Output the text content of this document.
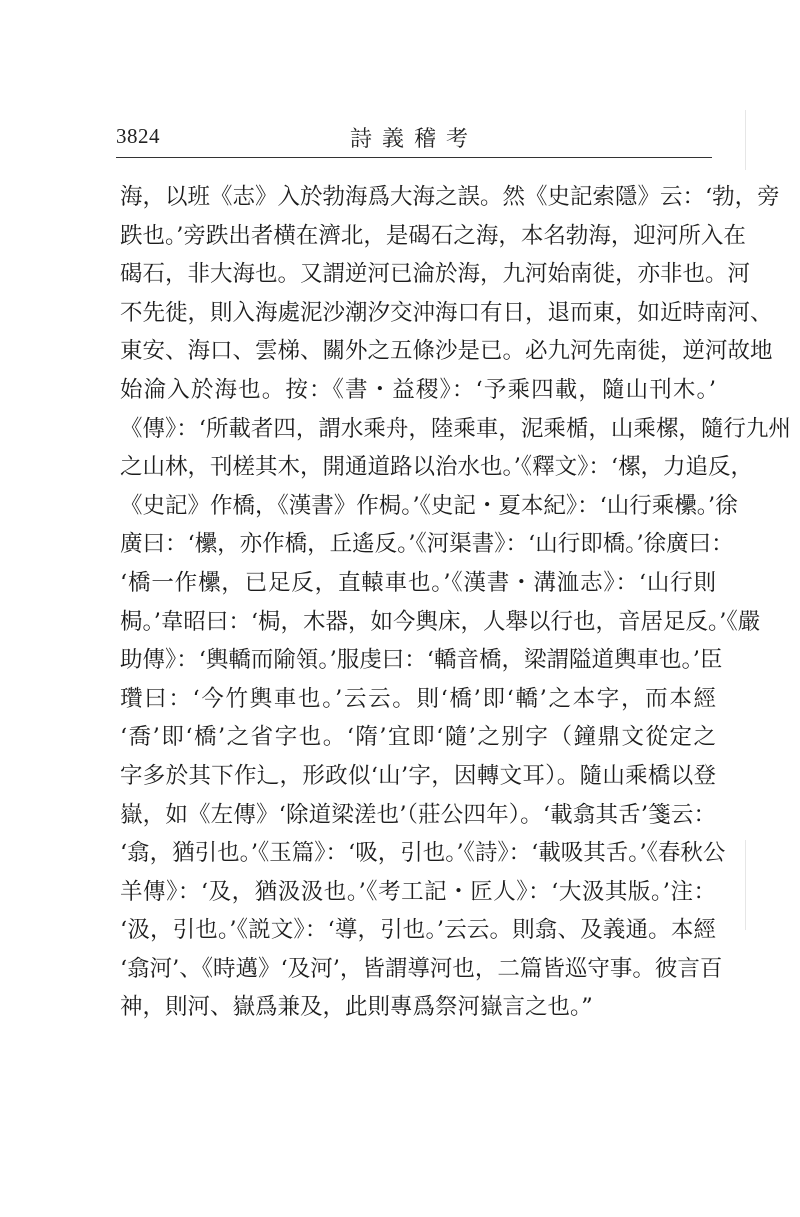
3824	詩義稽考
海，以班《志》入於勃海爲大海之誤。然《史記索隱》云：‘勃，旁
跌也。’旁跌出者横在濟北，是碣石之海，本名勃海，迎河所入在
碣石，非大海也。又謂逆河已淪於海，九河始南徙，亦非也。河
不先徙，則入海處泥沙潮汐交沖海口有日，退而東，如近時南河、
東安、海口、雲梯、關外之五條沙是已。必九河先南徙，逆河故地
始淪入於海也。按：《書・益稷》：‘予乘四載，隨山刊木。’
《傳》：‘所載者四，謂水乘舟，陸乘車，泥乘楯，山乘樏，隨行九州
之山林，刊槎其木，開通道路以治水也。’《釋文》：‘樏，力追反，
《史記》作橋，《漢書》作梮。’《史記・夏本紀》：‘山行乘欙。’徐
廣曰：‘欙，亦作橋，丘遙反。’《河渠書》：‘山行即橋。’徐廣曰：
‘橋一作欙，已足反，直轅車也。’《漢書・溝洫志》：‘山行則
梮。’韋昭曰：‘梮，木器，如今輿床，人舉以行也，音居足反。’《嚴
助傳》：‘輿轎而隃領。’服虔曰：‘轎音橋，梁謂隘道輿車也。’臣
瓚曰：‘今竹輿車也。’云云。則‘橋’即‘轎’之本字，而本經
‘喬’即‘橋’之省字也。‘隋’宜即‘隨’之别字（鐘鼎文從定之
字多於其下作辶，形政似‘山’字，因轉文耳）。隨山乘橋以登
嶽，如《左傳》‘除道梁溠也’（莊公四年）。‘載翕其舌’箋云：
‘翕，猶引也。’《玉篇》：‘吸，引也。’《詩》：‘載吸其舌。’《春秋公
羊傳》：‘及，猶汲汲也。’《考工記・匠人》：‘大汲其版。’注：
‘汲，引也。’《説文》：‘導，引也。’云云。則翕、及義通。本經
‘翕河’、《時邁》‘及河’，皆謂導河也，二篇皆巡守事。彼言百
神，則河、嶽爲兼及，此則專爲祭河嶽言之也。”
